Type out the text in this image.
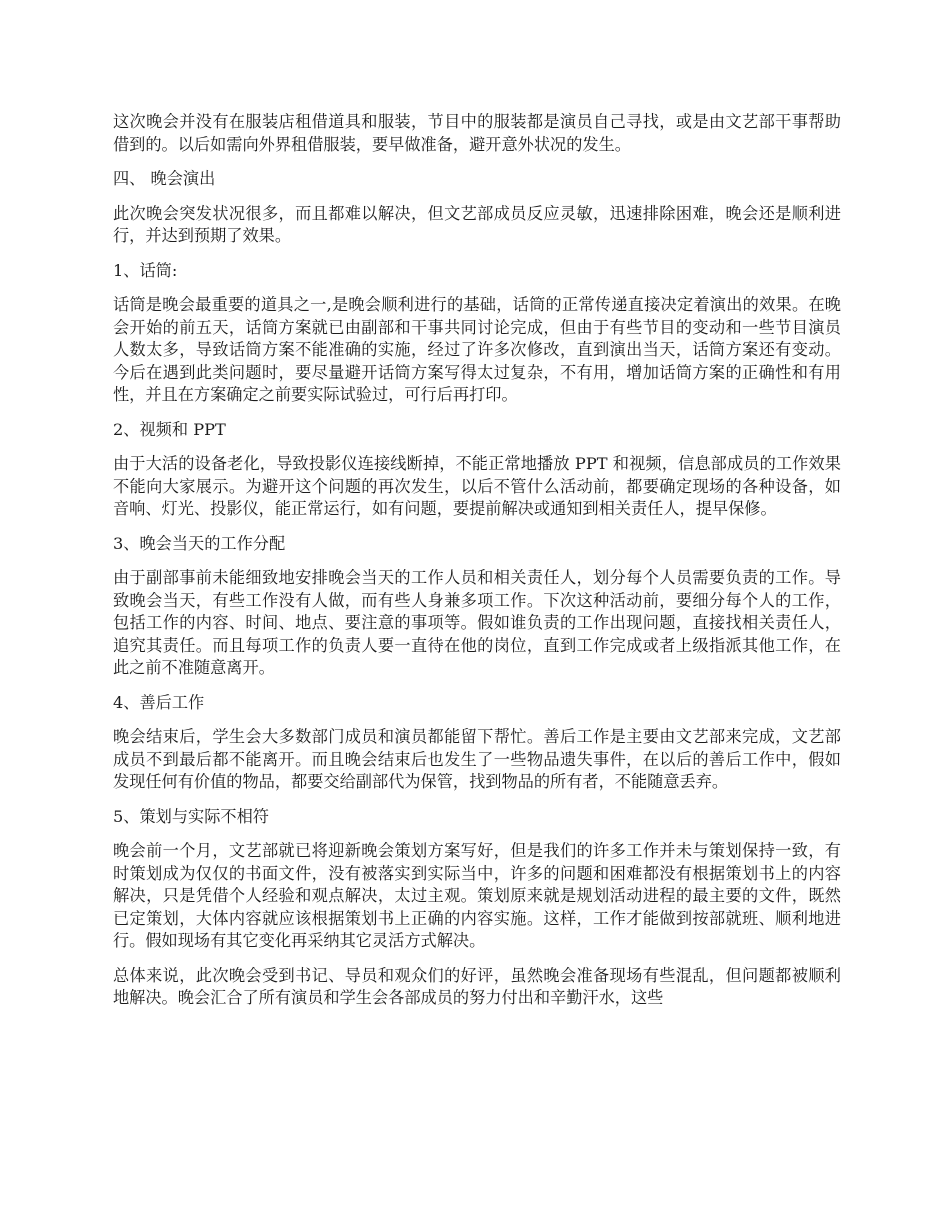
这次晚会并没有在服装店租借道具和服装，节目中的服装都是演员自己寻找，或是由文艺部干事帮助借到的。以后如需向外界租借服装，要早做准备，避开意外状况的发生。

四、 晚会演出

此次晚会突发状况很多，而且都难以解决，但文艺部成员反应灵敏，迅速排除困难，晚会还是顺利进行，并达到预期了效果。

1、话筒:

话筒是晚会最重要的道具之一,是晚会顺利进行的基础，话筒的正常传递直接决定着演出的效果。在晚会开始的前五天，话筒方案就已由副部和干事共同讨论完成，但由于有些节目的变动和一些节目演员人数太多，导致话筒方案不能准确的实施，经过了许多次修改，直到演出当天，话筒方案还有变动。今后在遇到此类问题时，要尽量避开话筒方案写得太过复杂，不有用，增加话筒方案的正确性和有用性，并且在方案确定之前要实际试验过，可行后再打印。

2、视频和 PPT

由于大活的设备老化，导致投影仪连接线断掉，不能正常地播放 PPT 和视频，信息部成员的工作效果不能向大家展示。为避开这个问题的再次发生，以后不管什么活动前，都要确定现场的各种设备，如音响、灯光、投影仪，能正常运行，如有问题，要提前解决或通知到相关责任人，提早保修。

3、晚会当天的工作分配

由于副部事前未能细致地安排晚会当天的工作人员和相关责任人，划分每个人员需要负责的工作。导致晚会当天，有些工作没有人做，而有些人身兼多项工作。下次这种活动前，要细分每个人的工作，包括工作的内容、时间、地点、要注意的事项等。假如谁负责的工作出现问题，直接找相关责任人，追究其责任。而且每项工作的负责人要一直待在他的岗位，直到工作完成或者上级指派其他工作，在此之前不准随意离开。

4、善后工作

晚会结束后，学生会大多数部门成员和演员都能留下帮忙。善后工作是主要由文艺部来完成，文艺部成员不到最后都不能离开。而且晚会结束后也发生了一些物品遗失事件，在以后的善后工作中，假如发现任何有价值的物品，都要交给副部代为保管，找到物品的所有者，不能随意丢弃。

5、策划与实际不相符

晚会前一个月，文艺部就已将迎新晚会策划方案写好，但是我们的许多工作并未与策划保持一致，有时策划成为仅仅的书面文件，没有被落实到实际当中，许多的问题和困难都没有根据策划书上的内容解决，只是凭借个人经验和观点解决，太过主观。策划原来就是规划活动进程的最主要的文件，既然已定策划，大体内容就应该根据策划书上正确的内容实施。这样，工作才能做到按部就班、顺利地进行。假如现场有其它变化再采纳其它灵活方式解决。

总体来说，此次晚会受到书记、导员和观众们的好评，虽然晚会准备现场有些混乱，但问题都被顺利地解决。晚会汇合了所有演员和学生会各部成员的努力付出和辛勤汗水，这些
